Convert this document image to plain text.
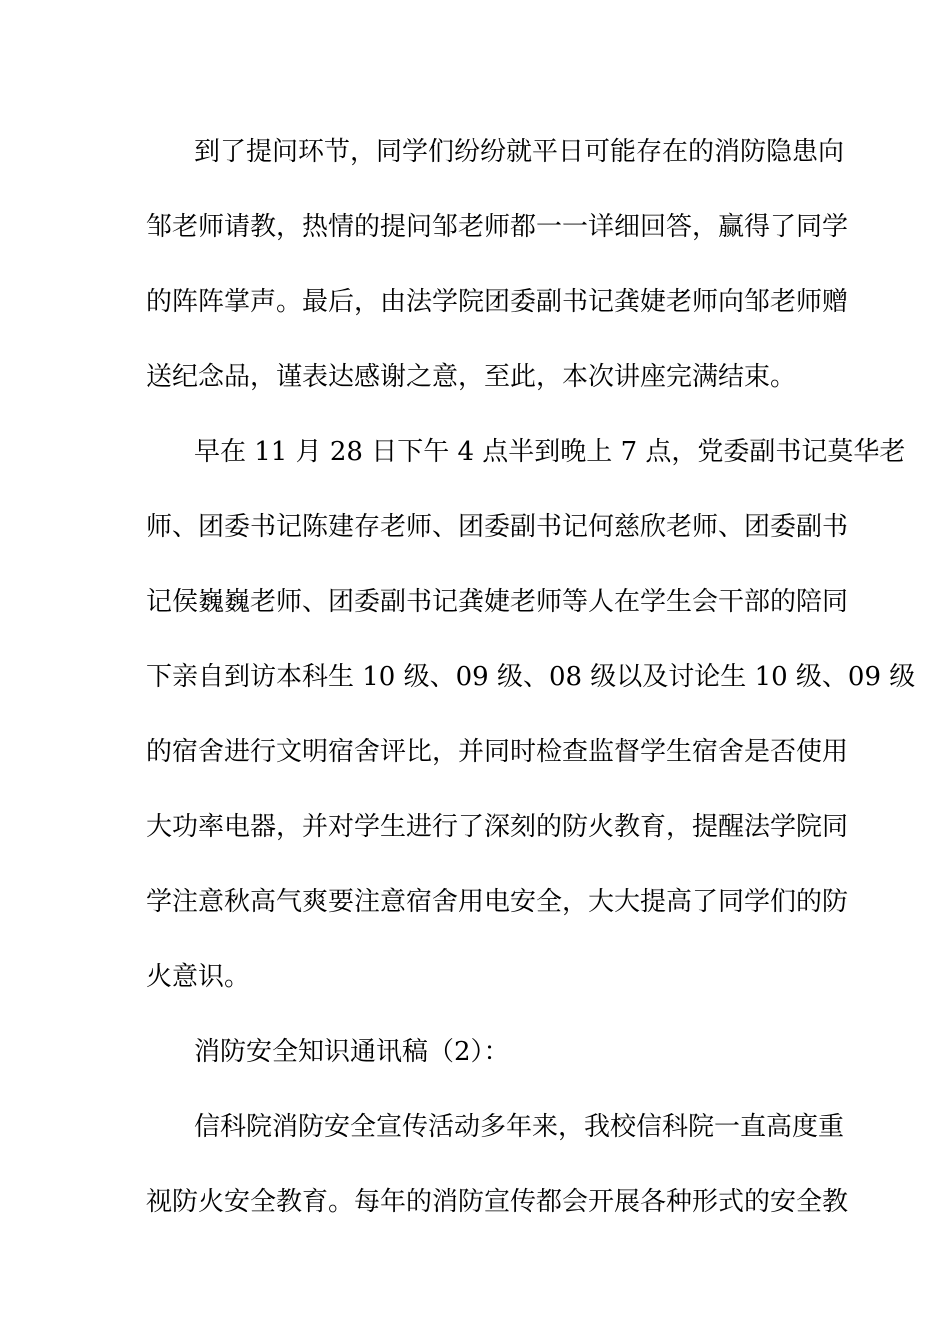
到了提问环节，同学们纷纷就平日可能存在的消防隐患向
邹老师请教，热情的提问邹老师都一一详细回答，赢得了同学
的阵阵掌声。最后，由法学院团委副书记龚婕老师向邹老师赠
送纪念品，谨表达感谢之意，至此，本次讲座完满结束。
早在 11 月 28 日下午 4 点半到晚上 7 点，党委副书记莫华老
师、团委书记陈建存老师、团委副书记何慈欣老师、团委副书
记侯巍巍老师、团委副书记龚婕老师等人在学生会干部的陪同
下亲自到访本科生 10 级、09 级、08 级以及讨论生 10 级、09 级
的宿舍进行文明宿舍评比，并同时检查监督学生宿舍是否使用
大功率电器，并对学生进行了深刻的防火教育，提醒法学院同
学注意秋高气爽要注意宿舍用电安全，大大提高了同学们的防
火意识。
消防安全知识通讯稿（2）：
信科院消防安全宣传活动多年来，我校信科院一直高度重
视防火安全教育。每年的消防宣传都会开展各种形式的安全教
